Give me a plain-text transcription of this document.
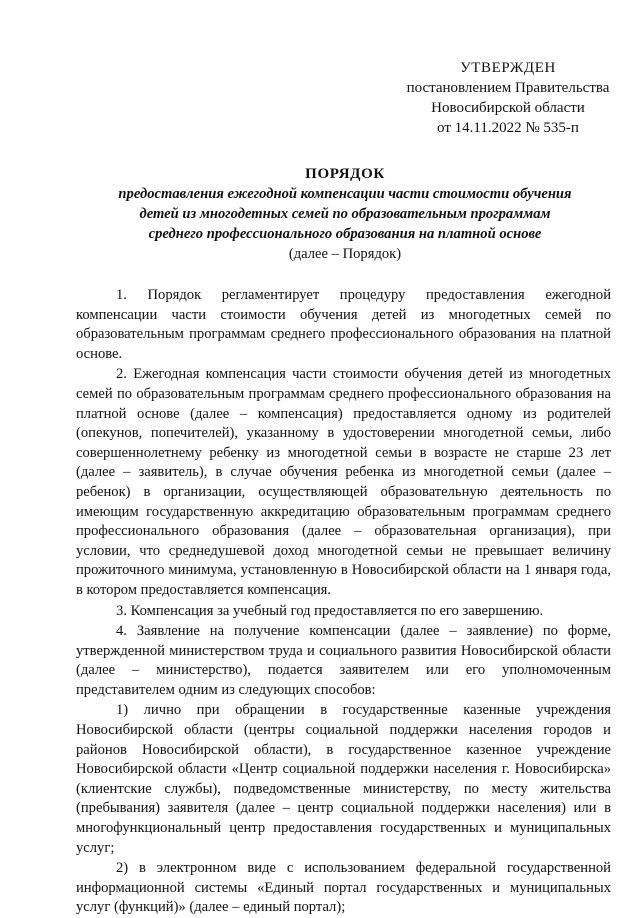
УТВЕРЖДЕН
постановлением Правительства
Новосибирской области
от 14.11.2022 № 535-п
ПОРЯДОК
предоставления ежегодной компенсации части стоимости обучения
детей из многодетных семей по образовательным программам
среднего профессионального образования на платной основе
(далее – Порядок)

1. Порядок регламентирует процедуру предоставления ежегодной компенсации части стоимости обучения детей из многодетных семей по образовательным программам среднего профессионального образования на платной основе.

2. Ежегодная компенсация части стоимости обучения детей из многодетных семей по образовательным программам среднего профессионального образования на платной основе (далее – компенсация) предоставляется одному из родителей (опекунов, попечителей), указанному в удостоверении многодетной семьи, либо совершеннолетнему ребенку из многодетной семьи в возрасте не старше 23 лет (далее – заявитель), в случае обучения ребенка из многодетной семьи (далее – ребенок) в организации, осуществляющей образовательную деятельность по имеющим государственную аккредитацию образовательным программам среднего профессионального образования (далее – образовательная организация), при условии, что среднедушевой доход многодетной семьи не превышает величину прожиточного минимума, установленную в Новосибирской области на 1 января года, в котором предоставляется компенсация.

3. Компенсация за учебный год предоставляется по его завершению.

4. Заявление на получение компенсации (далее – заявление) по форме, утвержденной министерством труда и социального развития Новосибирской области (далее – министерство), подается заявителем или его уполномоченным представителем одним из следующих способов:

1) лично при обращении в государственные казенные учреждения Новосибирской области (центры социальной поддержки населения городов и районов Новосибирской области), в государственное казенное учреждение Новосибирской области «Центр социальной поддержки населения г. Новосибирска» (клиентские службы), подведомственные министерству, по месту жительства (пребывания) заявителя (далее – центр социальной поддержки населения) или в многофункциональный центр предоставления государственных и муниципальных услуг;

2) в электронном виде с использованием федеральной государственной информационной системы «Единый портал государственных и муниципальных услуг (функций)» (далее – единый портал);
